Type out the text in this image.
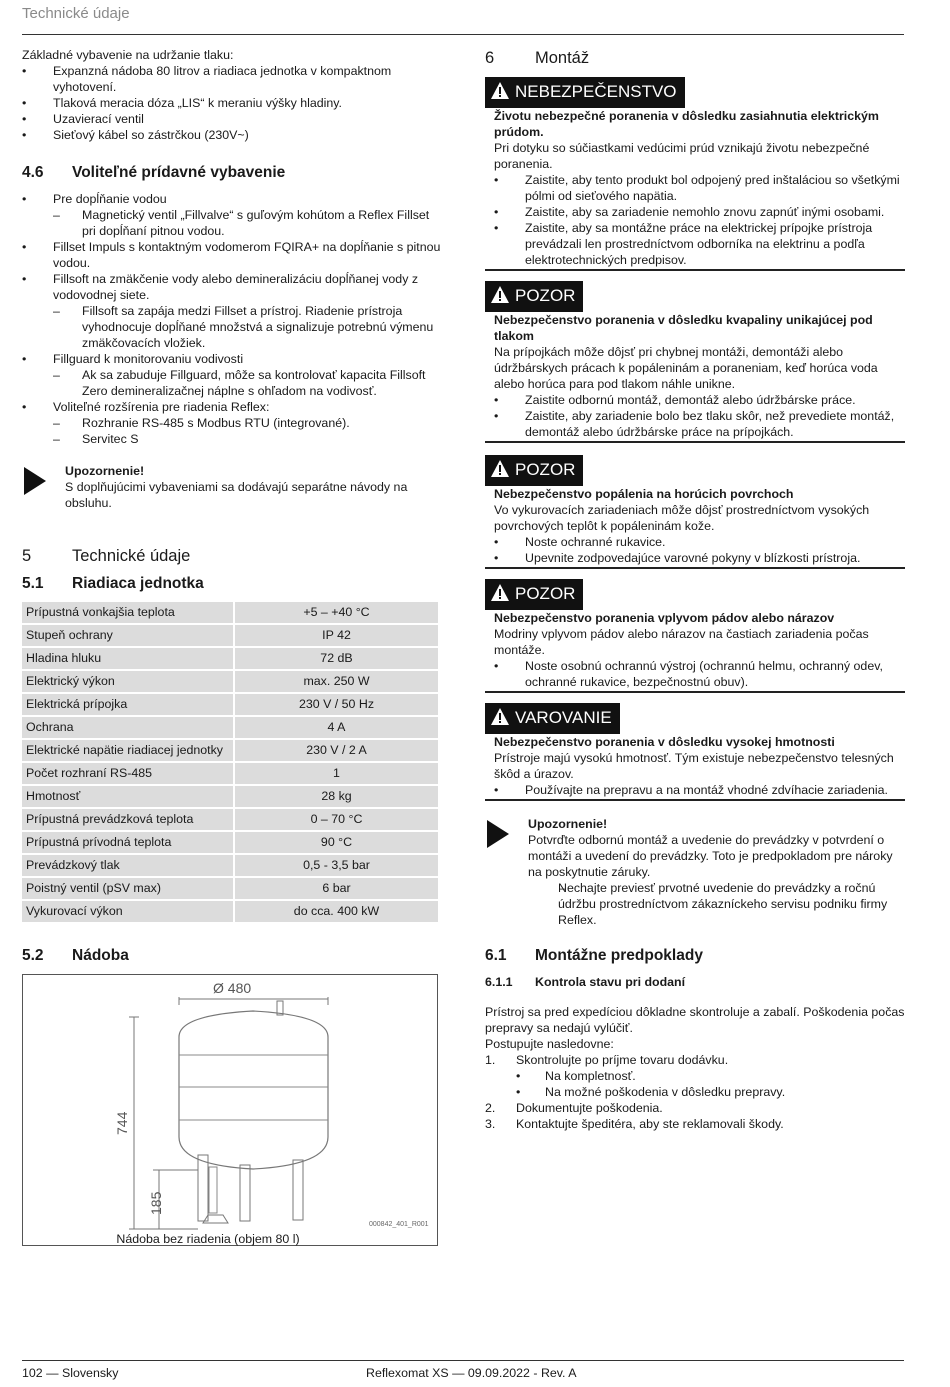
Technické údaje

Základné vybavenie na udržanie tlaku:

• Expanzná nádoba 80 litrov a riadiaca jednotka v kompaktnom vyhotovení.
• Tlaková meracia dóza „LIS“ k meraniu výšky hladiny.
• Uzavierací ventil
• Sieťový kábel so zástrčkou (230V~)
4.6 Voliteľné prídavné vybavenie
• Pre dopĺňanie vodou
– Magnetický ventil „Fillvalve“ s guľovým kohútom a Reflex Fillset pri dopĺňaní pitnou vodou.
• Fillset Impuls s kontaktným vodomerom FQIRA+ na dopĺňanie s pitnou vodou.
• Fillsoft na zmäkčenie vody alebo demineralizáciu dopĺňanej vody z vodovodnej siete.
– Fillsoft sa zapája medzi Fillset a prístroj. Riadenie prístroja vyhodnocuje dopĺňané množstvá a signalizuje potrebnú výmenu zmäkčovacích vložiek.
• Fillguard k monitorovaniu vodivosti
– Ak sa zabuduje Fillguard, môže sa kontrolovať kapacita Fillsoft Zero demineralizačnej náplne s ohľadom na vodivosť.
• Voliteľné rozšírenia pre riadenia Reflex:
– Rozhranie RS-485 s Modbus RTU (integrované).
– Servitec S
Upozornenie!
S doplňujúcimi vybaveniami sa dodávajú separátne návody na obsluhu.
5 Technické údaje
5.1 Riadiaca jednotka
Prípustná vonkajšia teplota	+5 – +40 °C
Stupeň ochrany	IP 42
Hladina hluku	72 dB
Elektrický výkon	max. 250 W
Elektrická prípojka	230 V / 50 Hz
Ochrana	4 A
Elektrické napätie riadiacej jednotky	230 V / 2 A
Počet rozhraní RS-485	1
Hmotnosť	28 kg
Prípustná prevádzková teplota	0 – 70 °C
Prípustná prívodná teplota	90 °C
Prevádzkový tlak	0,5 - 3,5 bar
Poistný ventil (pSV max)	6 bar
Vykurovací výkon	do cca. 400 kW
5.2 Nádoba
Ø 480
744
185
000842_401_R001
Nádoba bez riadenia (objem 80 l)
6 Montáž
NEBEZPEČENSTVO
Životu nebezpečné poranenia v dôsledku zasiahnutia elektrickým prúdom.
Pri dotyku so súčiastkami vedúcimi prúd vznikajú životu nebezpečné poranenia.
• Zaistite, aby tento produkt bol odpojený pred inštaláciou so všetkými pólmi od sieťového napätia.
• Zaistite, aby sa zariadenie nemohlo znovu zapnúť inými osobami.
• Zaistite, aby sa montážne práce na elektrickej prípojke prístroja prevádzali len prostredníctvom odborníka na elektrinu a podľa elektrotechnických predpisov.
POZOR
Nebezpečenstvo poranenia v dôsledku kvapaliny unikajúcej pod tlakom
Na prípojkách môže dôjsť pri chybnej montáži, demontáži alebo údržbárskych prácach k popáleninám a poraneniam, keď horúca voda alebo horúca para pod tlakom náhle unikne.
• Zaistite odbornú montáž, demontáž alebo údržbárske práce.
• Zaistite, aby zariadenie bolo bez tlaku skôr, než prevediete montáž, demontáž alebo údržbárske práce na prípojkách.
POZOR
Nebezpečenstvo popálenia na horúcich povrchoch
Vo vykurovacích zariadeniach môže dôjsť prostredníctvom vysokých povrchových teplôt k popáleninám kože.
• Noste ochranné rukavice.
• Upevnite zodpovedajúce varovné pokyny v blízkosti prístroja.
POZOR
Nebezpečenstvo poranenia vplyvom pádov alebo nárazov
Modriny vplyvom pádov alebo nárazov na častiach zariadenia počas montáže.
• Noste osobnú ochrannú výstroj (ochrannú helmu, ochranný odev, ochranné rukavice, bezpečnostnú obuv).
VAROVANIE
Nebezpečenstvo poranenia v dôsledku vysokej hmotnosti
Prístroje majú vysokú hmotnosť. Tým existuje nebezpečenstvo telesných škôd a úrazov.
• Používajte na prepravu a na montáž vhodné zdvíhacie zariadenia.
Upozornenie!
Potvrďte odbornú montáž a uvedenie do prevádzky v potvrdení o montáži a uvedení do prevádzky. Toto je predpokladom pre nároky na poskytnutie záruky.
– Nechajte previesť prvotné uvedenie do prevádzky a ročnú údržbu prostredníctvom zákazníckeho servisu podniku firmy Reflex.
6.1 Montážne predpoklady
6.1.1 Kontrola stavu pri dodaní

Prístroj sa pred expedíciou dôkladne skontroluje a zabalí. Poškodenia počas prepravy sa nedajú vylúčiť.

Postupujte nasledovne:

1. Skontrolujte po príjme tovaru dodávku.
• Na kompletnosť.
• Na možné poškodenia v dôsledku prepravy.
2. Dokumentujte poškodenia.
3. Kontaktujte špeditéra, aby ste reklamovali škody.
102 — Slovensky	Reflexomat XS — 09.09.2022 - Rev. A
